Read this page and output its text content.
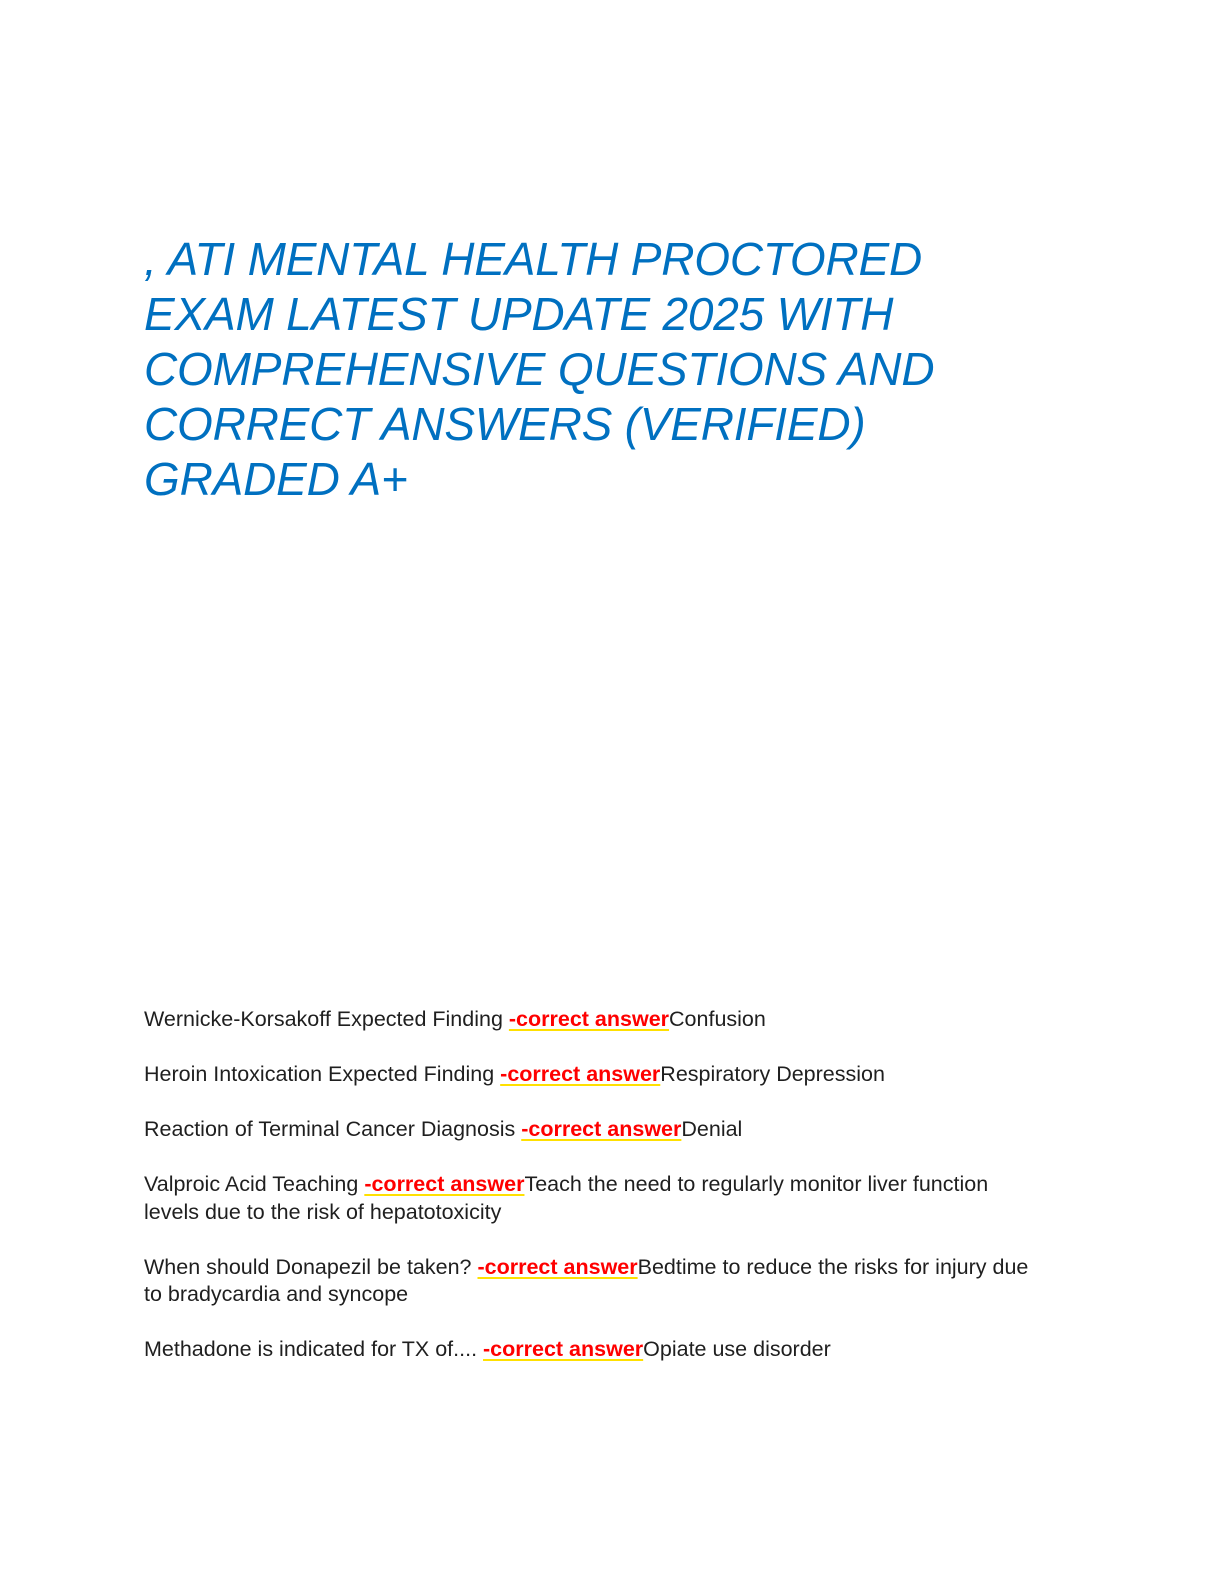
, ATI MENTAL HEALTH PROCTORED EXAM LATEST UPDATE 2025 WITH COMPREHENSIVE QUESTIONS AND CORRECT ANSWERS (VERIFIED) GRADED A+
Wernicke-Korsakoff Expected Finding -correct answerConfusion
Heroin Intoxication Expected Finding -correct answerRespiratory Depression
Reaction of Terminal Cancer Diagnosis -correct answerDenial
Valproic Acid Teaching -correct answerTeach the need to regularly monitor liver function levels due to the risk of hepatotoxicity
When should Donapezil be taken? -correct answerBedtime to reduce the risks for injury due to bradycardia and syncope
Methadone is indicated for TX of.... -correct answerOpiate use disorder
